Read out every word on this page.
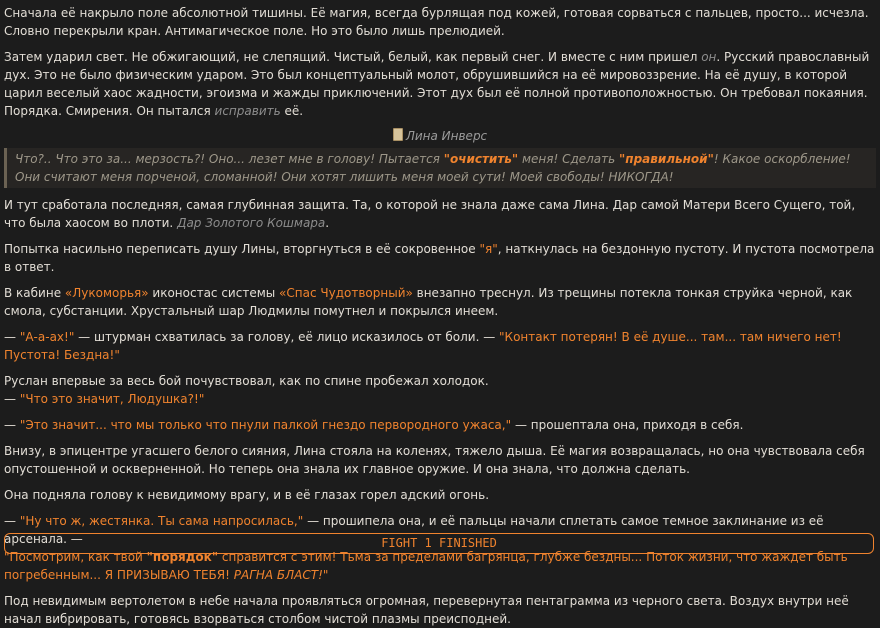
Сначала её накрыло поле абсолютной тишины. Её магия, всегда бурлящая под кожей, готовая сорваться с пальцев, просто... исчезла. Словно перекрыли кран. Антимагическое поле. Но это было лишь прелюдией.

Затем ударил свет. Не обжигающий, не слепящий. Чистый, белый, как первый снег. И вместе с ним пришел он. Русский православный дух. Это не было физическим ударом. Это был концептуальный молот, обрушившийся на её мировоззрение. На её душу, в которой царил веселый хаос жадности, эгоизма и жажды приключений. Этот дух был её полной противоположностью. Он требовал покаяния. Порядка. Смирения. Он пытался исправить её.

Лина Инверс
Что?.. Что это за... мерзость?! Оно... лезет мне в голову! Пытается "очистить" меня! Сделать "правильной"! Какое оскорбление! Они считают меня порченой, сломанной! Они хотят лишить меня моей сути! Моей свободы! НИКОГДА!

И тут сработала последняя, самая глубинная защита. Та, о которой не знала даже сама Лина. Дар самой Матери Всего Сущего, той, что была хаосом во плоти. Дар Золотого Кошмара.

Попытка насильно переписать душу Лины, вторгнуться в её сокровенное "я", наткнулась на бездонную пустоту. И пустота посмотрела в ответ.

В кабине «Лукоморья» иконостас системы «Спас Чудотворный» внезапно треснул. Из трещины потекла тонкая струйка черной, как смола, субстанции. Хрустальный шар Людмилы помутнел и покрылся инеем.

— "А-а-ах!" — штурман схватилась за голову, её лицо исказилось от боли. — "Контакт потерян! В её душе... там... там ничего нет! Пустота! Бездна!"

Руслан впервые за весь бой почувствовал, как по спине пробежал холодок.
— "Что это значит, Людушка?!"

— "Это значит... что мы только что пнули палкой гнездо первородного ужаса," — прошептала она, приходя в себя.

Внизу, в эпицентре угасшего белого сияния, Лина стояла на коленях, тяжело дыша. Её магия возвращалась, но она чувствовала себя опустошенной и оскверненной. Но теперь она знала их главное оружие. И она знала, что должна сделать.

Она подняла голову к невидимому врагу, и в её глазах горел адский огонь.

— "Ну что ж, жестянка. Ты сама напросилась," — прошипела она, и её пальцы начали сплетать самое темное заклинание из её арсенала. —
"Посмотрим, как твой "порядок" справится с этим! Тьма за пределами багрянца, глубже бездны... Поток жизни, что жаждет быть погребенным... Я ПРИЗЫВАЮ ТЕБЯ! РАГНА БЛАСТ!"

Под невидимым вертолетом в небе начала проявляться огромная, перевернутая пентаграмма из черного света. Воздух внутри неё начал вибрировать, готовясь взорваться столбом чистой плазмы преисподней.

FIGHT 1 FINISHED
